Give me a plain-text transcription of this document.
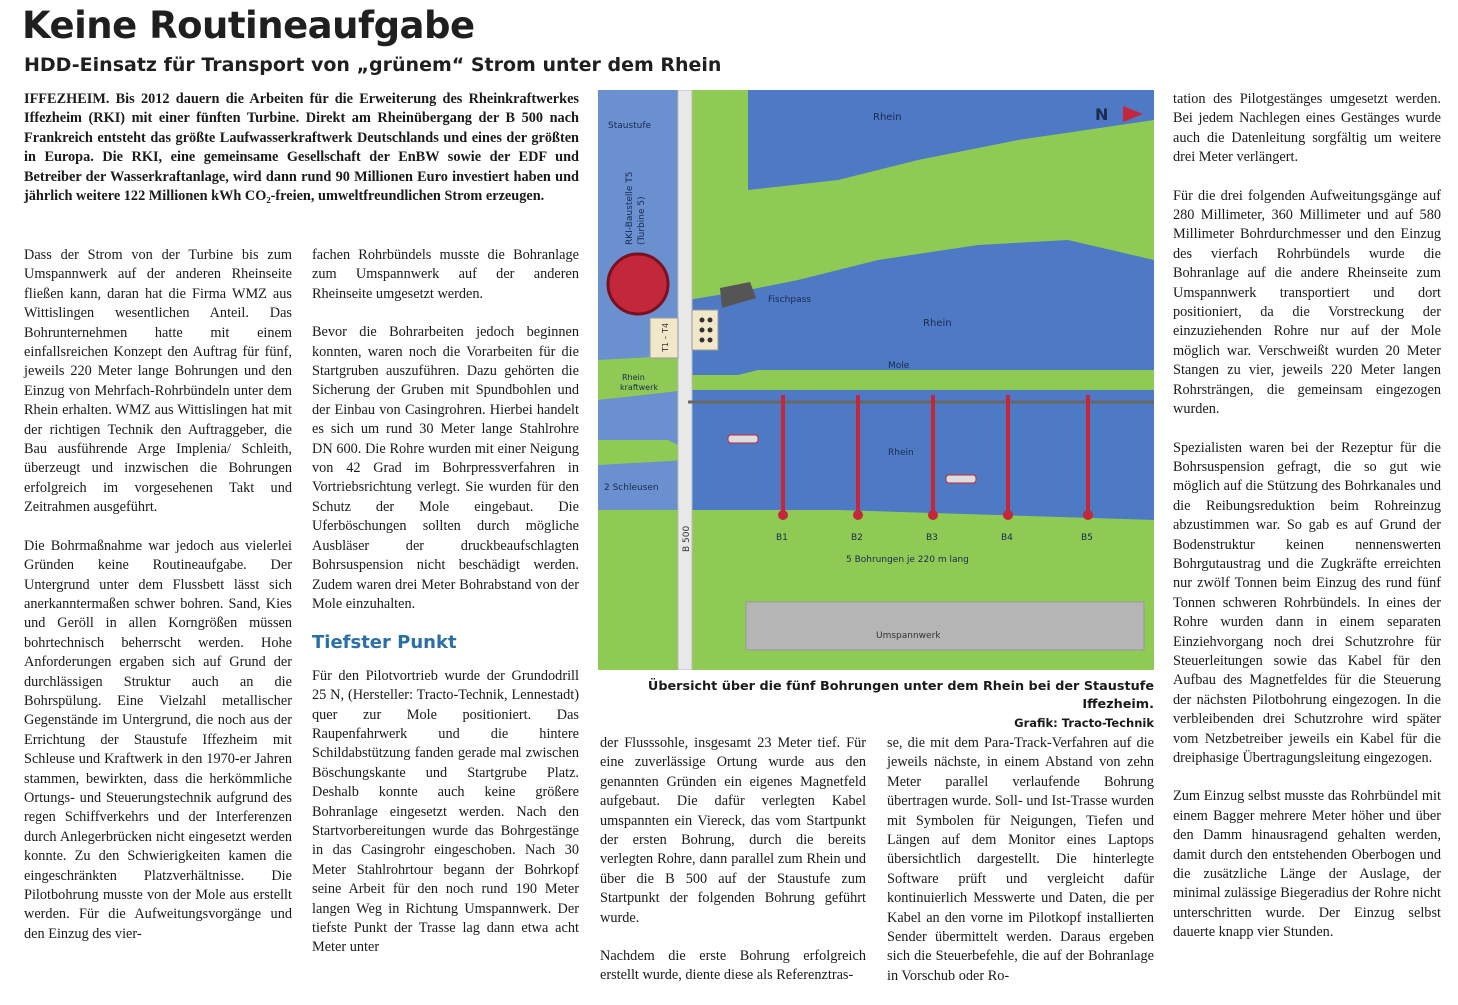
Keine Routineaufgabe
HDD-Einsatz für Transport von „grünem“ Strom unter dem Rhein
IFFEZHEIM. Bis 2012 dauern die Arbeiten für die Erweiterung des Rheinkraftwerkes Iffezheim (RKI) mit einer fünften Turbine. Direkt am Rheinübergang der B 500 nach Frankreich entsteht das größte Laufwasserkraftwerk Deutschlands und eines der größten in Europa. Die RKI, eine gemeinsame Gesellschaft der EnBW sowie der EDF und Betreiber der Wasserkraftanlage, wird dann rund 90 Millionen Euro investiert haben und jährlich weitere 122 Millionen kWh CO₂-freien, umweltfreundlichen Strom erzeugen.

Dass der Strom von der Turbine bis zum Umspannwerk auf der anderen Rheinseite fließen kann, daran hat die Firma WMZ aus Wittislingen wesentlichen Anteil. Das Bohrunternehmen hatte mit einem einfallsreichen Konzept den Auftrag für fünf, jeweils 220 Meter lange Bohrungen und den Einzug von Mehrfach-Rohrbündeln unter dem Rhein erhalten. WMZ aus Wittislingen hat mit der richtigen Technik den Auftraggeber, die Bau ausführende Arge Implenia/ Schleith, überzeugt und inzwischen die Bohrungen erfolgreich im vorgesehenen Takt und Zeitrahmen ausgeführt.

Die Bohrmaßnahme war jedoch aus vielerlei Gründen keine Routineaufgabe. Der Untergrund unter dem Flussbett lässt sich anerkanntermaßen schwer bohren. Sand, Kies und Geröll in allen Korngrößen müssen bohrtechnisch beherrscht werden. Hohe Anforderungen ergaben sich auf Grund der durchlässigen Struktur auch an die Bohrspülung. Eine Vielzahl metallischer Gegenstände im Untergrund, die noch aus der Errichtung der Staustufe Iffezheim mit Schleuse und Kraftwerk in den 1970-er Jahren stammen, bewirkten, dass die herkömmliche Ortungs- und Steuerungstechnik aufgrund des regen Schiffverkehrs und der Interferenzen durch Anlegerbrücken nicht eingesetzt werden konnte. Zu den Schwierigkeiten kamen die eingeschränkten Platzverhältnisse. Die Pilotbohrung musste von der Mole aus erstellt werden. Für die Aufweitungsvorgänge und den Einzug des vier-

fachen Rohrbündels musste die Bohranlage zum Umspannwerk auf der anderen Rheinseite umgesetzt werden.

Bevor die Bohrarbeiten jedoch beginnen konnten, waren noch die Vorarbeiten für die Startgruben auszuführen. Dazu gehörten die Sicherung der Gruben mit Spundbohlen und der Einbau von Casingrohren. Hierbei handelt es sich um rund 30 Meter lange Stahlrohre DN 600. Die Rohre wurden mit einer Neigung von 42 Grad im Bohrpressverfahren in Vortriebsrichtung verlegt. Sie wurden für den Schutz der Mole eingebaut. Die Uferböschungen sollten durch mögliche Ausbläser der druckbeaufschlagten Bohrsuspension nicht beschädigt werden. Zudem waren drei Meter Bohrabstand von der Mole einzuhalten.

Tiefster Punkt

Für den Pilotvortrieb wurde der Grundodrill 25 N, (Hersteller: Tracto-Technik, Lennestadt) quer zur Mole positioniert. Das Raupenfahrwerk und die hintere Schildabstützung fanden gerade mal zwischen Böschungskante und Startgrube Platz. Deshalb konnte auch keine größere Bohranlage eingesetzt werden. Nach den Startvorbereitungen wurde das Bohrgestänge in das Casingrohr eingeschoben. Nach 30 Meter Stahlrohrtour begann der Bohrkopf seine Arbeit für den noch rund 190 Meter langen Weg in Richtung Umspannwerk. Der tiefste Punkt der Trasse lag dann etwa acht Meter unter

Staustufe
Rhein	N
RKI-Baustelle T5 (Turbine 5)
Fischpass
Rhein
T1 – T4
Mole
Rhein
kraftwerk
Rhein
2 Schleusen
B 500	B1	B2	B3	B4	B5
5 Bohrungen je 220 m lang
Umspannwerk
Übersicht über die fünf Bohrungen unter dem Rhein bei der Staustufe Iffezheim.
Grafik: Tracto-Technik

der Flusssohle, insgesamt 23 Meter tief. Für eine zuverlässige Ortung wurde aus den genannten Gründen ein eigenes Magnetfeld aufgebaut. Die dafür verlegten Kabel umspannten ein Viereck, das vom Startpunkt der ersten Bohrung, durch die bereits verlegten Rohre, dann parallel zum Rhein und über die B 500 auf der Staustufe zum Startpunkt der folgenden Bohrung geführt wurde.

Nachdem die erste Bohrung erfolgreich erstellt wurde, diente diese als Referenztras-

se, die mit dem Para-Track-Verfahren auf die jeweils nächste, in einem Abstand von zehn Meter parallel verlaufende Bohrung übertragen wurde. Soll- und Ist-Trasse wurden mit Symbolen für Neigungen, Tiefen und Längen auf dem Monitor eines Laptops übersichtlich dargestellt. Die hinterlegte Software prüft und vergleicht dafür kontinuierlich Messwerte und Daten, die per Kabel an den vorne im Pilotkopf installierten Sender übermittelt werden. Daraus ergeben sich die Steuerbefehle, die auf der Bohranlage in Vorschub oder Ro-

tation des Pilotgestänges umgesetzt werden. Bei jedem Nachlegen eines Gestänges wurde auch die Datenleitung sorgfältig um weitere drei Meter verlängert.

Für die drei folgenden Aufweitungsgänge auf 280 Millimeter, 360 Millimeter und auf 580 Millimeter Bohrdurchmesser und den Einzug des vierfach Rohrbündels wurde die Bohranlage auf die andere Rheinseite zum Umspannwerk transportiert und dort positioniert, da die Vorstreckung der einzuziehenden Rohre nur auf der Mole möglich war. Verschweißt wurden 20 Meter Stangen zu vier, jeweils 220 Meter langen Rohrsträngen, die gemeinsam eingezogen wurden.

Spezialisten waren bei der Rezeptur für die Bohrsuspension gefragt, die so gut wie möglich auf die Stützung des Bohrkanales und die Reibungsreduktion beim Rohreinzug abzustimmen war. So gab es auf Grund der Bodenstruktur keinen nennenswerten Bohrgutaustrag und die Zugkräfte erreichten nur zwölf Tonnen beim Einzug des rund fünf Tonnen schweren Rohrbündels. In eines der Rohre wurden dann in einem separaten Einziehvorgang noch drei Schutzrohre für Steuerleitungen sowie das Kabel für den Aufbau des Magnetfeldes für die Steuerung der nächsten Pilotbohrung eingezogen. In die verbleibenden drei Schutzrohre wird später vom Netzbetreiber jeweils ein Kabel für die dreiphasige Übertragungsleitung eingezogen.

Zum Einzug selbst musste das Rohrbündel mit einem Bagger mehrere Meter höher und über den Damm hinausragend gehalten werden, damit durch den entstehenden Oberbogen und die zusätzliche Länge der Auslage, der minimal zulässige Biegeradius der Rohre nicht unterschritten wurde. Der Einzug selbst dauerte knapp vier Stunden.
